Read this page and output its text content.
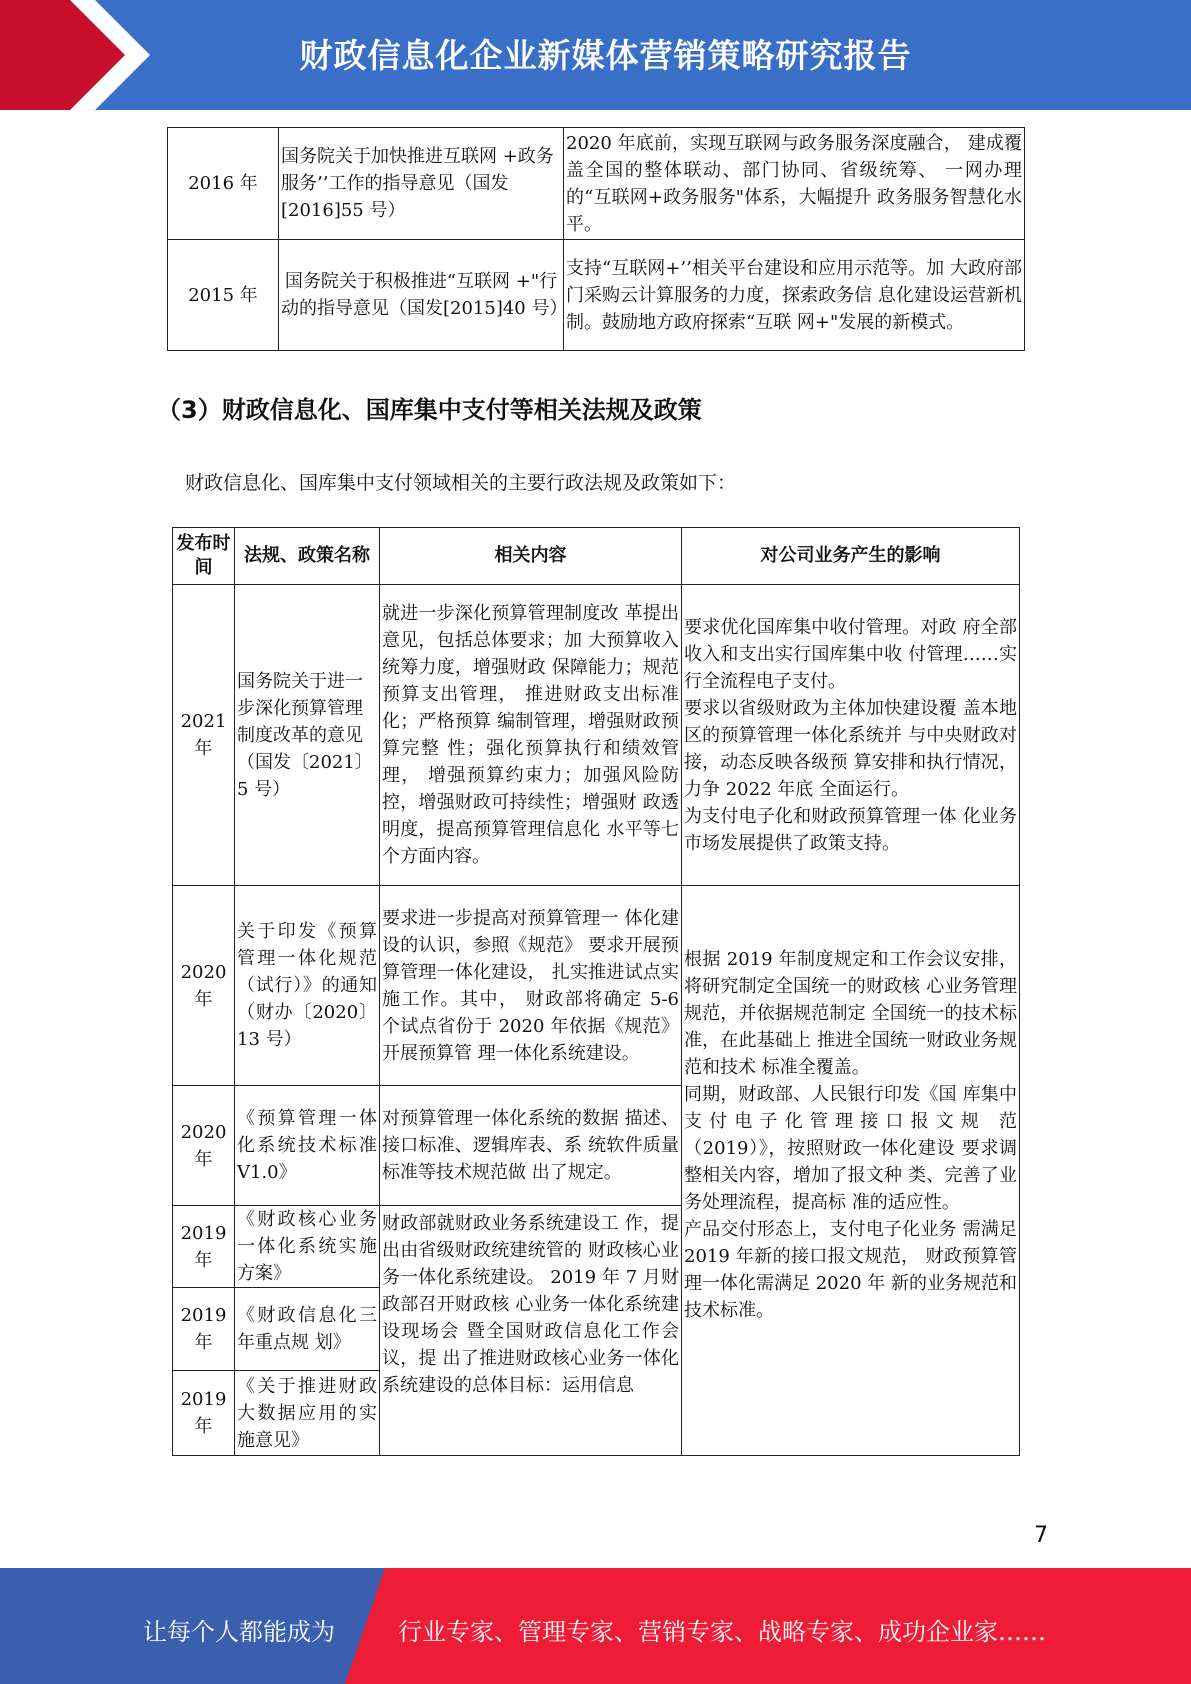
财政信息化企业新媒体营销策略研究报告
2016 年	国务院关于加快推进互联网 +政务服务’’工作的指导意见（国发[2016]55 号）	2020 年底前，实现互联网与政务服务深度融合， 建成覆盖全国的整体联动、部门协同、省级统筹、 一网办理的“互联网+政务服务"体系，大幅提升 政务服务智慧化水平。
2015 年	国务院关于积极推进“互联网 +"行动的指导意见（国发[2015]40 号）	支持“互联网+’’相关平台建设和应用示范等。加 大政府部门采购云计算服务的力度，探索政务信 息化建设运营新机制。鼓励地方政府探索“互联 网+"发展的新模式。
（3）财政信息化、国库集中支付等相关法规及政策
财政信息化、国库集中支付领域相关的主要行政法规及政策如下：
发布时间	法规、政策名称	相关内容	对公司业务产生的影响
2021 年	国务院关于进一步深化预算管理制度改革的意见（国发〔2021〕 5 号）	就进一步深化预算管理制度改 革提出意见，包括总体要求；加 大预算收入统筹力度，增强财政 保障能力；规范预算支出管理， 推进财政支出标准化；严格预算 编制管理，增强财政预算完整 性；强化预算执行和绩效管理， 增强预算约束力；加强风险防 控，增强财政可持续性；增强财 政透明度，提高预算管理信息化 水平等七个方面内容。	要求优化国库集中收付管理。对政 府全部收入和支出实行国库集中收 付管理……实行全流程电子支付。
要求以省级财政为主体加快建设覆 盖本地区的预算管理一体化系统并 与中央财政对接，动态反映各级预 算安排和执行情况，力争 2022 年底 全面运行。
为支付电子化和财政预算管理一体 化业务市场发展提供了政策支持。

2020 年	关于印发《预算管理一体化规范（试行）》的通知（财办〔2020〕13 号）	要求进一步提高对预算管理一 体化建设的认识，参照《规范》 要求开展预算管理一体化建设， 扎实推进试点实施工作。其中， 财政部将确定 5-6 个试点省份于 2020 年依据《规范》开展预算管 理一体化系统建设。	根据 2019 年制度规定和工作会议安排，将研究制定全国统一的财政核 心业务管理规范，并依据规范制定 全国统一的技术标准，在此基础上 推进全国统一财政业务规范和技术 标准全覆盖。
同期，财政部、人民银行印发《国 库集中支付电子化管理接口报文规 范（2019）》，按照财政一体化建设 要求调整相关内容，增加了报文种 类、完善了业务处理流程，提高标 准的适应性。
产品交付形态上，支付电子化业务 需满足 2019 年新的接口报文规范， 财政预算管理一体化需满足 2020 年 新的业务规范和技术标准。

2020 年	《预算管理一体化系统技术标准 V1.0》	对预算管理一体化系统的数据 描述、接口标准、逻辑库表、系 统软件质量标准等技术规范做 出了规定。	
2019 年	《财政核心业务一体化系统实施方案》	财政部就财政业务系统建设工 作，提出由省级财政统建统管的 财政核心业务一体化系统建设。 2019 年 7 月财政部召开财政核 心业务一体化系统建设现场会 暨全国财政信息化工作会议，提 出了推进财政核心业务一体化 系统建设的总体目标：运用信息	
2019 年	《财政信息化三年重点规 划》		
2019 年	《关于推进财政大数据应用的实施意见》		
7
让每个人都能成为	行业专家、管理专家、营销专家、战略专家、成功企业家……
